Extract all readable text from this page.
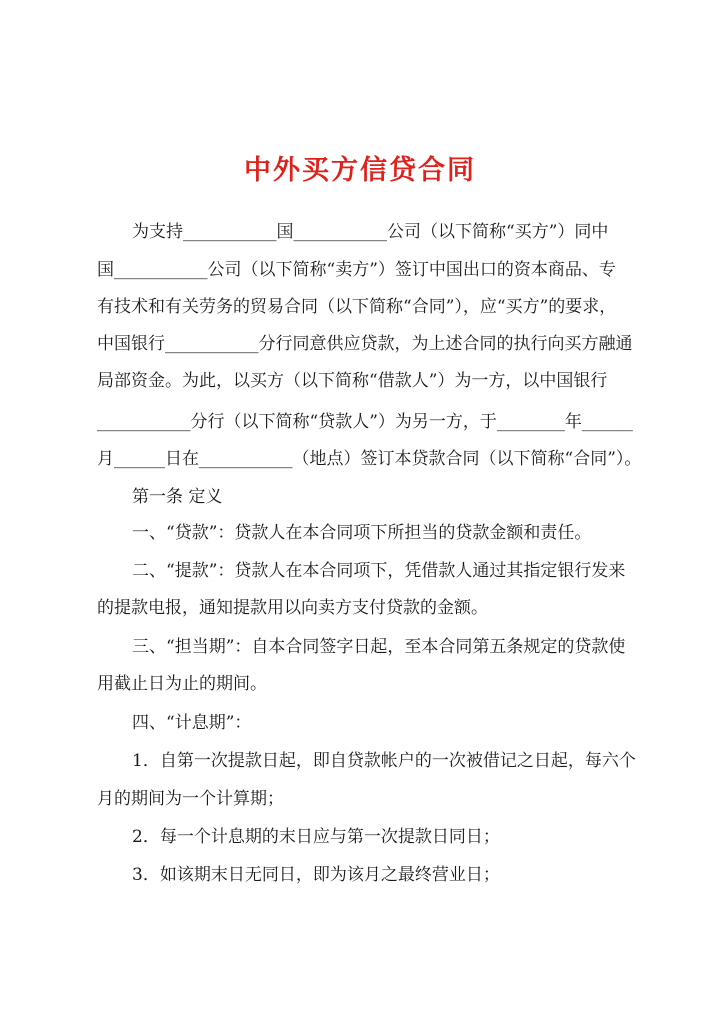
中外买方信贷合同
为支持___________国___________公司（以下简称“买方”）同中
国___________公司（以下简称“卖方”）签订中国出口的资本商品、专
有技术和有关劳务的贸易合同（以下简称“合同”），应“买方”的要求，
中国银行___________分行同意供应贷款，为上述合同的执行向买方融通
局部资金。为此，以买方（以下简称“借款人”）为一方，以中国银行
___________分行（以下简称“贷款人”）为另一方，于________年______
月______日在___________（地点）签订本贷款合同（以下简称“合同”）。
第一条 定义
一、“贷款”：贷款人在本合同项下所担当的贷款金额和责任。
二、“提款”：贷款人在本合同项下，凭借款人通过其指定银行发来
的提款电报，通知提款用以向卖方支付贷款的金额。
三、“担当期”：自本合同签字日起，至本合同第五条规定的贷款使
用截止日为止的期间。
四、“计息期”：
1．自第一次提款日起，即自贷款帐户的一次被借记之日起，每六个
月的期间为一个计算期；
2．每一个计息期的末日应与第一次提款日同日；
3．如该期末日无同日，即为该月之最终营业日；
